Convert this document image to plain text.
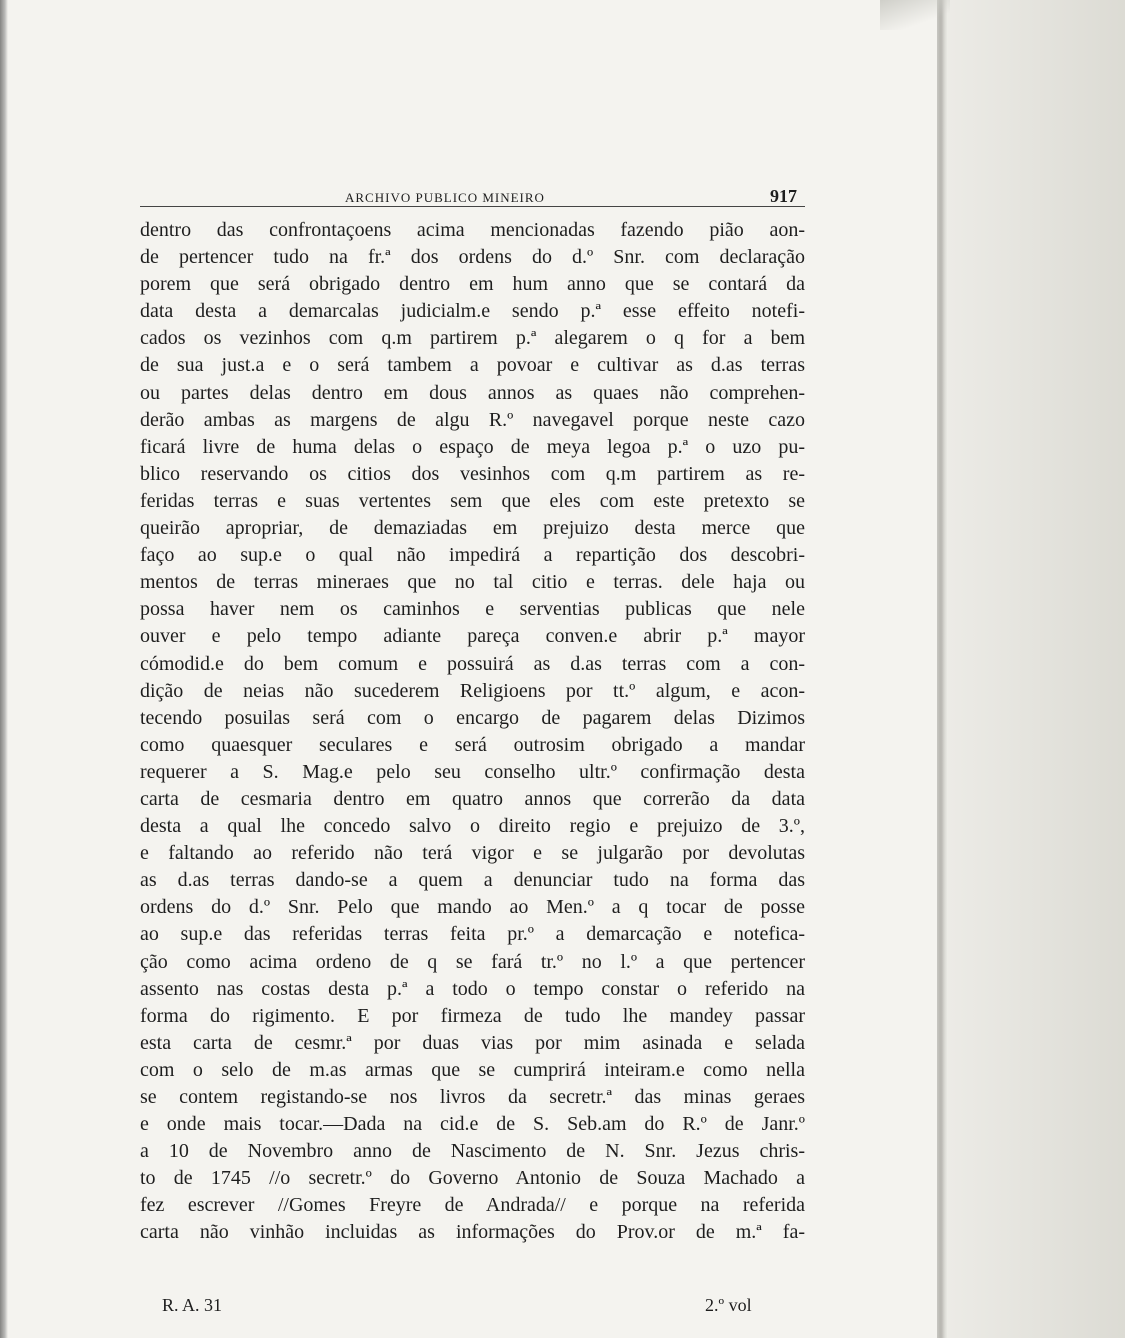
ARCHIVO PUBLICO MINEIRO	917
dentro das confrontaçoens acima mencionadas fazendo pião aon-
de pertencer tudo na fr.ª dos ordens do d.º Snr. com declaração
porem que será obrigado dentro em hum anno que se contará da
data desta a demarcalas judicialm.e sendo p.ª esse effeito notefi-
cados os vezinhos com q.m partirem p.ª alegarem o q for a bem
de sua just.a e o será tambem a povoar e cultivar as d.as terras
ou partes delas dentro em dous annos as quaes não comprehen-
derão ambas as margens de algu R.º navegavel porque neste cazo
ficará livre de huma delas o espaço de meya legoa p.ª o uzo pu-
blico reservando os citios dos vesinhos com q.m partirem as re-
feridas terras e suas vertentes sem que eles com este pretexto se
queirão apropriar, de demaziadas em prejuizo desta merce que
faço ao sup.e o qual não impedirá a repartição dos descobri-
mentos de terras mineraes que no tal citio e terras. dele haja ou
possa haver nem os caminhos e serventias publicas que nele
ouver e pelo tempo adiante pareça conven.e abrir p.ª mayor
cómodid.e do bem comum e possuirá as d.as terras com a con-
dição de neias não sucederem Religioens por tt.º algum, e acon-
tecendo posuilas será com o encargo de pagarem delas Dizimos
como quaesquer seculares e será outrosim obrigado a mandar
requerer a S. Mag.e pelo seu conselho ultr.º confirmação desta
carta de cesmaria dentro em quatro annos que correrão da data
desta a qual lhe concedo salvo o direito regio e prejuizo de 3.º,
e faltando ao referido não terá vigor e se julgarão por devolutas
as d.as terras dando-se a quem a denunciar tudo na forma das
ordens do d.º Snr. Pelo que mando ao Men.º a q tocar de posse
ao sup.e das referidas terras feita pr.º a demarcação e notefica-
ção como acima ordeno de q se fará tr.º no l.º a que pertencer
assento nas costas desta p.ª a todo o tempo constar o referido na
forma do rigimento. E por firmeza de tudo lhe mandey passar
esta carta de cesmr.ª por duas vias por mim asinada e selada
com o selo de m.as armas que se cumprirá inteiram.e como nella
se contem registando-se nos livros da secretr.ª das minas geraes
e onde mais tocar.—Dada na cid.e de S. Seb.am do R.º de Janr.º
a 10 de Novembro anno de Nascimento de N. Snr. Jezus chris-
to de 1745 //o secretr.º do Governo Antonio de Souza Machado a
fez escrever //Gomes Freyre de Andrada// e porque na referida
carta não vinhão incluidas as informações do Prov.or de m.ª fa-
R. A. 31	2.º vol
